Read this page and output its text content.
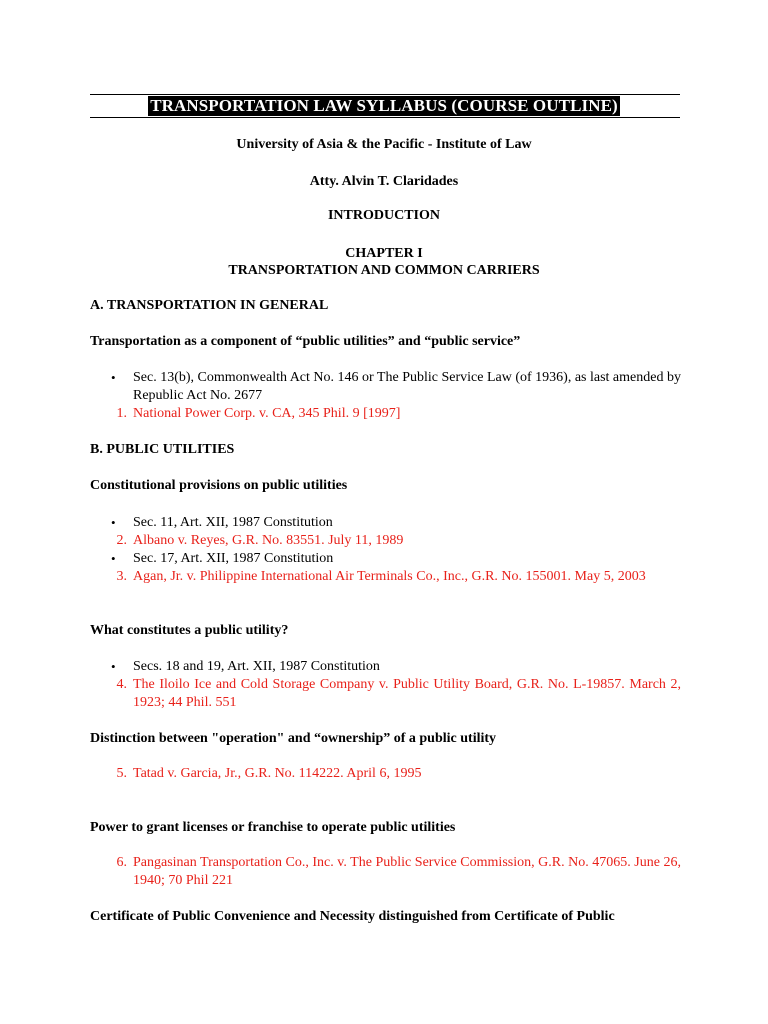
TRANSPORTATION LAW SYLLABUS (COURSE OUTLINE)
University of Asia & the Pacific - Institute of Law
Atty. Alvin T. Claridades
INTRODUCTION
CHAPTER I
TRANSPORTATION AND COMMON CARRIERS
A. TRANSPORTATION IN GENERAL
Transportation as a component of “public utilities” and “public service”
•	Sec. 13(b), Commonwealth Act No. 146 or The Public Service Law (of 1936), as last amended by Republic Act No. 2677
1. National Power Corp. v. CA, 345 Phil. 9 [1997]
B. PUBLIC UTILITIES
Constitutional provisions on public utilities
•	Sec. 11, Art. XII, 1987 Constitution
2. Albano v. Reyes, G.R. No. 83551. July 11, 1989
•	Sec. 17, Art. XII, 1987 Constitution
3. Agan, Jr. v. Philippine International Air Terminals Co., Inc., G.R. No. 155001. May 5, 2003
What constitutes a public utility?
•	Secs. 18 and 19, Art. XII, 1987 Constitution
4. The Iloilo Ice and Cold Storage Company v. Public Utility Board, G.R. No. L-19857. March 2, 1923; 44 Phil. 551
Distinction between "operation" and “ownership” of a public utility
5. Tatad v. Garcia, Jr., G.R. No. 114222. April 6, 1995
Power to grant licenses or franchise to operate public utilities
6. Pangasinan Transportation Co., Inc. v. The Public Service Commission, G.R. No. 47065. June 26, 1940; 70 Phil 221
Certificate of Public Convenience and Necessity distinguished from Certificate of Public
